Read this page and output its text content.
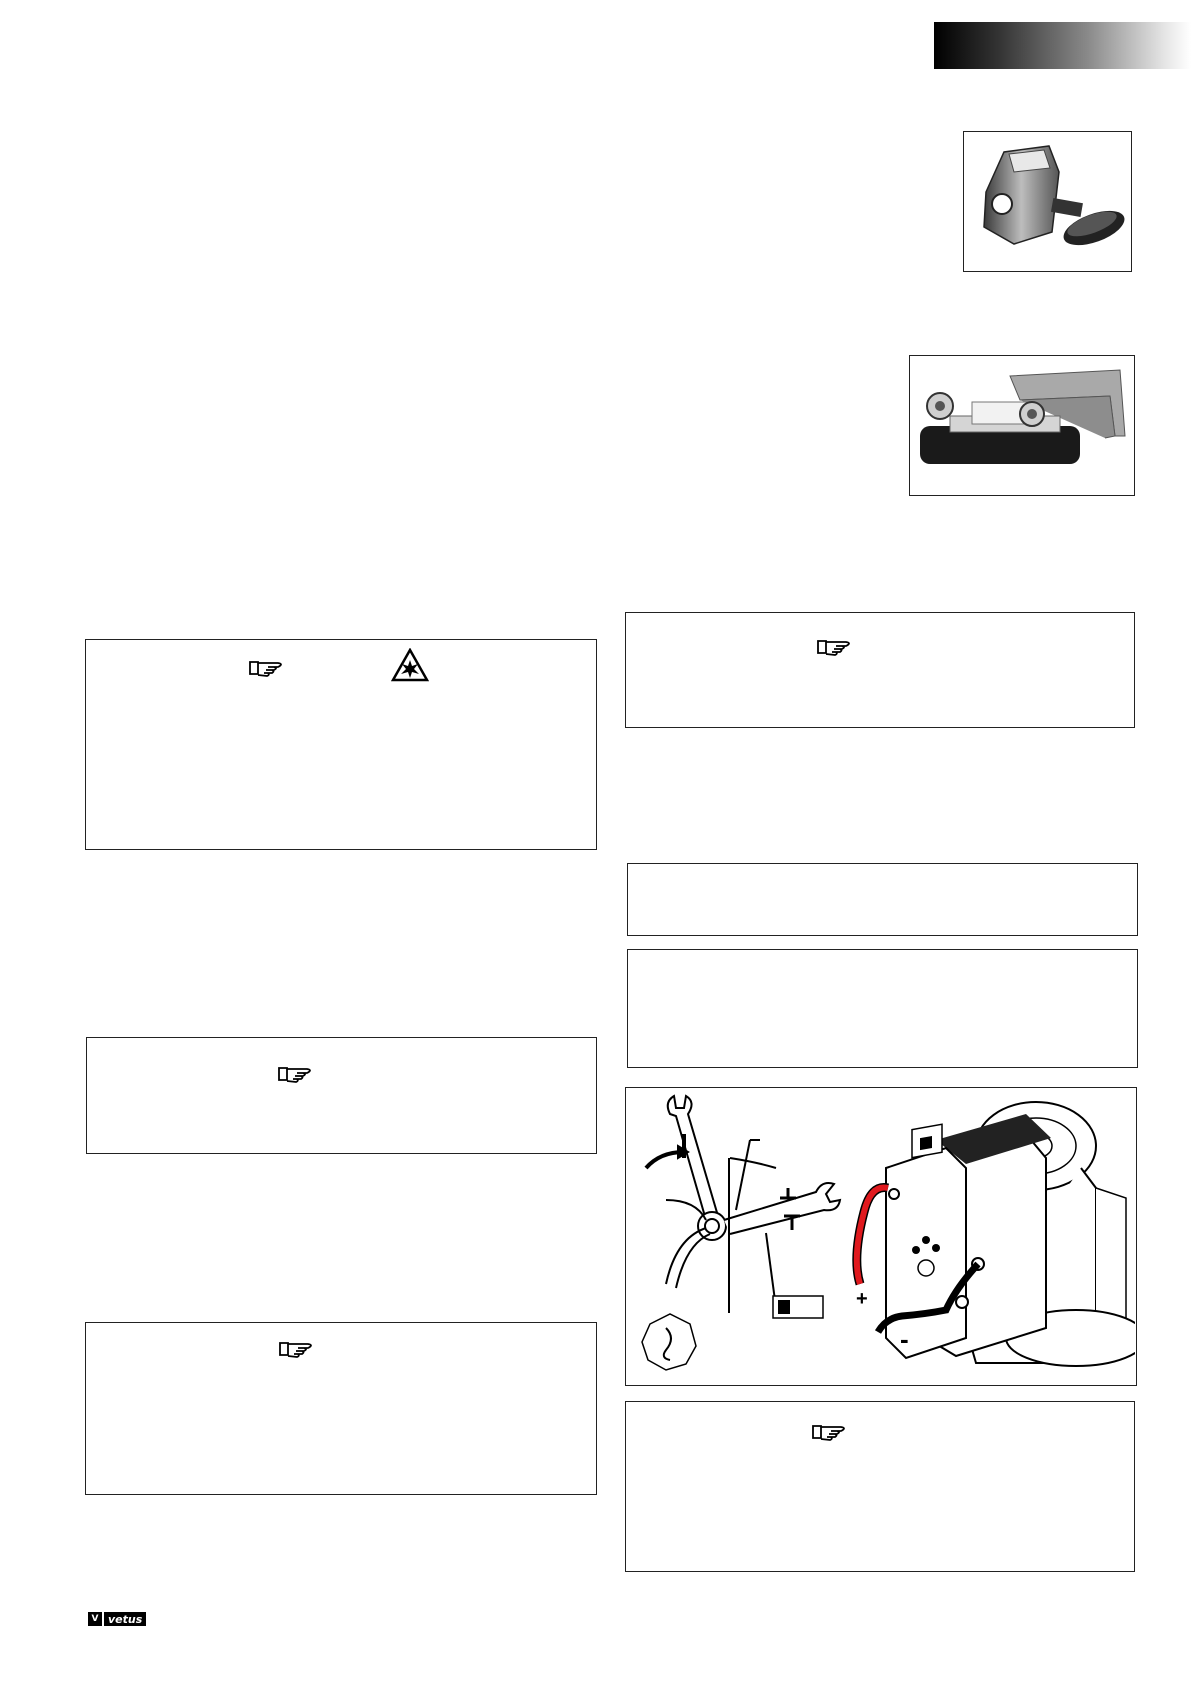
+
-
V vetus
